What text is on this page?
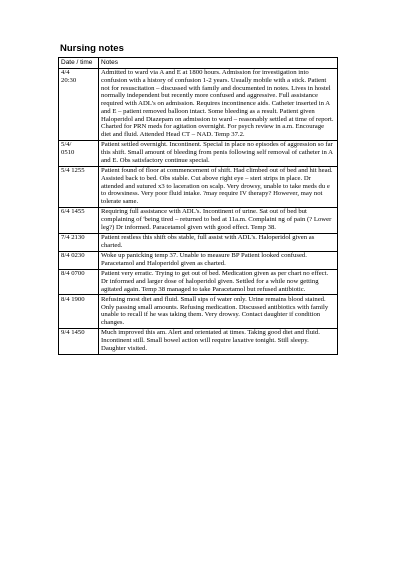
Nursing notes
Date / time	Notes
4/4
20:30	Admitted to ward via A and E at 1800 hours. Admission for investigation into confusion with a history of confusion 1-2 years. Usually mobile with a stick. Patient not for resuscitation – discussed with family and documented in notes. Lives in hostel normally independent but recently more confused and aggressive. Full assistance required with ADL's on admission. Requires incontinence aids. Catheter inserted in A and E – patient removed balloon intact. Some bleeding as a result. Patient given Haloperidol and Diazepam on admission to ward – reasonably settled at time of report. Charted for PRN meds for agitation overnight. For psych review in a.m. Encourage diet and fluid. Attended Head CT – NAD. Temp 37.2.
5/4/
0510	Patient settled overnight. Incontinent. Special in place no episodes of aggression so far this shift. Small amount of bleeding from penis following self removal of catheter in A and E. Obs satisfactory continue special.
5/4 1255	Patient found of floor at commencement of shift. Had climbed out of bed and hit head. Assisted back to bed. Obs stable. Cut above right eye – steri strips in place. Dr attended and sutured x3 to laceration on scalp. Very drowsy, unable to take meds du e to drowsiness. Very poor fluid intake. ?may require IV therapy? However, may not tolerate same.
6/4 1455	Requiring full assistance with ADL's. Incontinent of urine. Sat out of bed but complaining of 'being tired – returned to bed at 11a.m. Complaini ng of pain (? Lower leg?) Dr informed. Paracetamol given with good effect. Temp 38.
7/4 2130	Patient restless this shift obs stable, full assist with ADL's. Haloperidol given as charted.
8/4 0230	Woke up panicking temp 37. Unable to measure BP Patient looked confused. Paracetamol and Haloperidol given as charted.
8/4 0700	Patient very erratic. Trying to get out of bed. Medication given as per chart no effect. Dr informed and larger dose of haloperidol given. Settled for a while now getting agitated again. Temp 38 managed to take Paracetamol but refused antibiotic.
8/4 1900	Refusing most diet and fluid. Small sips of water only. Urine remains blood stained. Only passing small amounts. Refusing medication. Discussed antibiotics with family unable to recall if he was taking them. Very drowsy. Contact daughter if condition changes.
9/4 1450	Much improved this am. Alert and orientated at times. Taking good diet and fluid. Incontinent still. Small bowel action will require laxative tonight. Still sleepy. Daughter visited.
